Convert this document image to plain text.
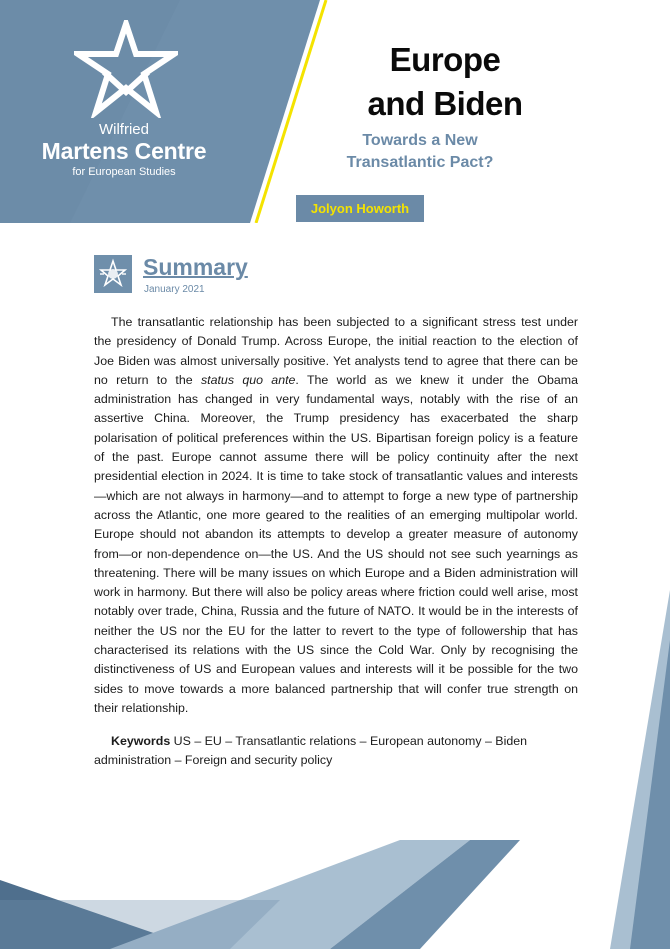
Wilfried
Martens Centre
for European Studies
Europe
and Biden
Towards a New
Transatlantic Pact?
Jolyon Howorth
Summary
January 2021

The transatlantic relationship has been subjected to a significant stress test under the presidency of Donald Trump. Across Europe, the initial reaction to the election of Joe Biden was almost universally positive. Yet analysts tend to agree that there can be no return to the status quo ante. The world as we knew it under the Obama administration has changed in very fundamental ways, notably with the rise of an assertive China. Moreover, the Trump presidency has exacerbated the sharp polarisation of political preferences within the US. Bipartisan foreign policy is a feature of the past. Europe cannot assume there will be policy continuity after the next presidential election in 2024. It is time to take stock of transatlantic values and interests—which are not always in harmony—and to attempt to forge a new type of partnership across the Atlantic, one more geared to the realities of an emerging multipolar world. Europe should not abandon its attempts to develop a greater measure of autonomy from—or non-dependence on—the US. And the US should not see such yearnings as threatening. There will be many issues on which Europe and a Biden administration will work in harmony. But there will also be policy areas where friction could well arise, most notably over trade, China, Russia and the future of NATO. It would be in the interests of neither the US nor the EU for the latter to revert to the type of followership that has characterised its relations with the US since the Cold War. Only by recognising the distinctiveness of US and European values and interests will it be possible for the two sides to move towards a more balanced partnership that will confer true strength on their relationship.

Keywords US – EU – Transatlantic relations – European autonomy – Biden administration – Foreign and security policy
